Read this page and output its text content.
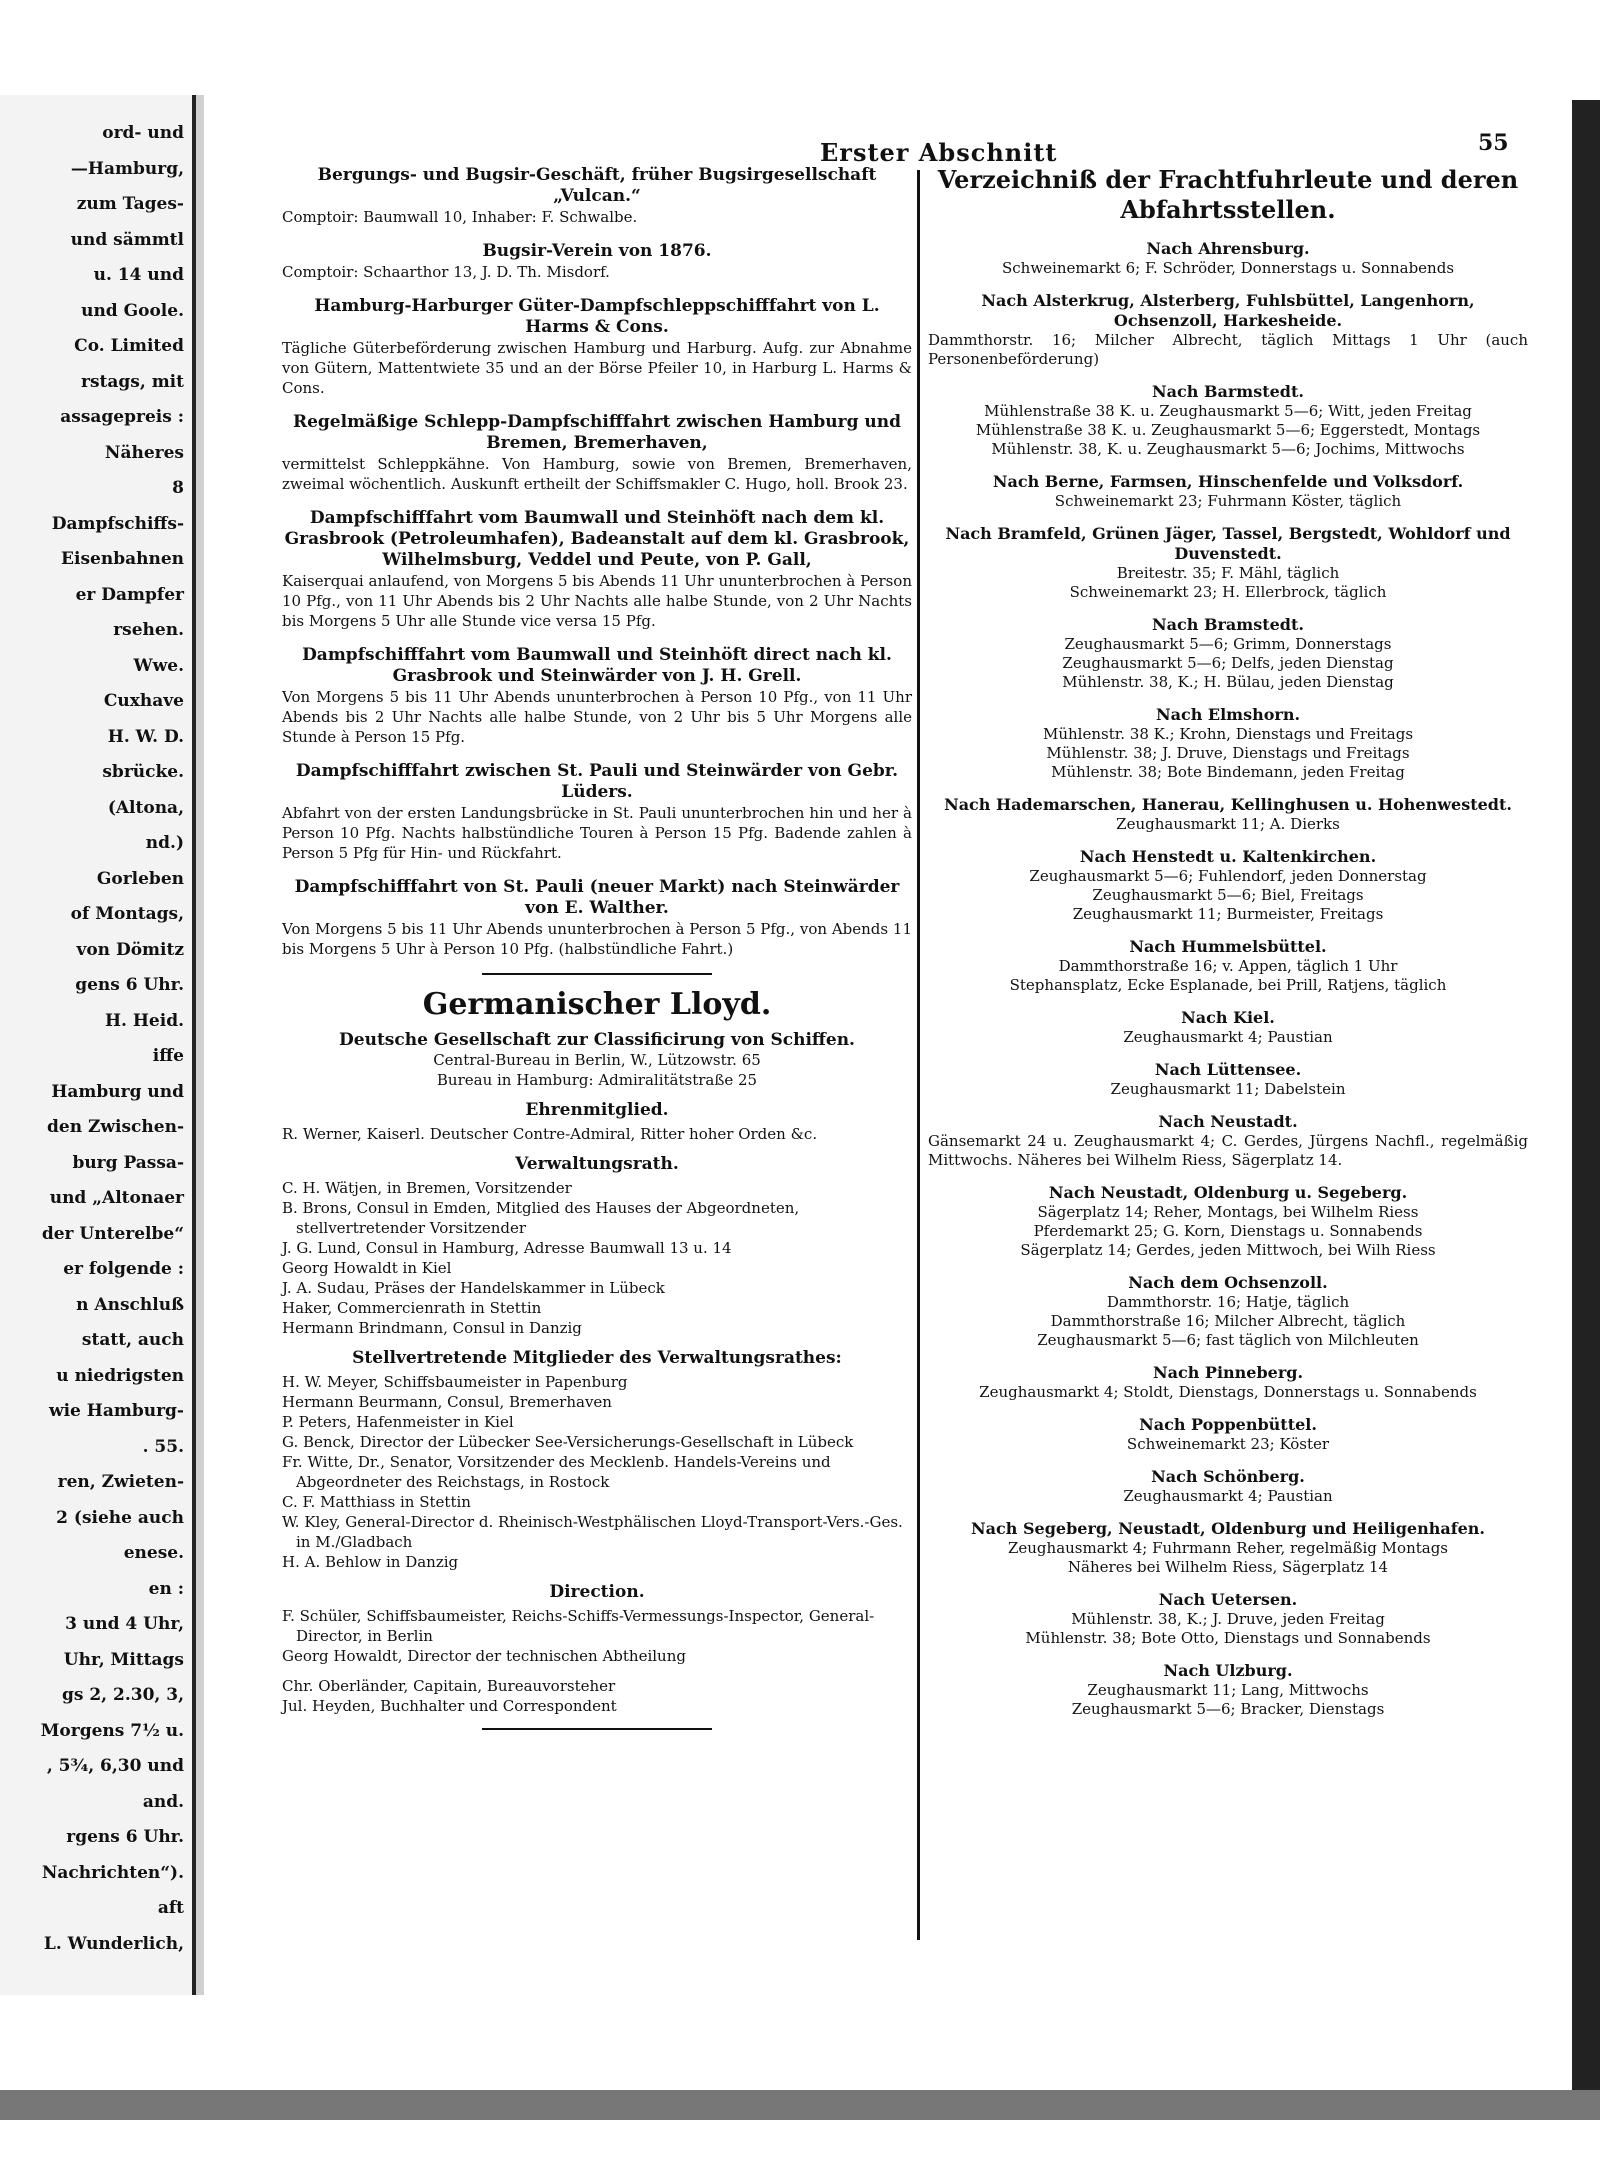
ord- und
—Hamburg,
zum Tages-
und sämmtl
u. 14 und
und Goole.
Co. Limited
rstags, mit
assagepreis :
Näheres
8
Dampfschiffs-
Eisenbahnen
er Dampfer
rsehen.
Wwe.
Cuxhave
H. W. D.
sbrücke.
(Altona,
nd.)
Gorleben
of Montags,
von Dömitz
gens 6 Uhr.
H. Heid.
iffe
Hamburg und
den Zwischen-
burg Passa-
und „Altonaer
der Unterelbe“
er folgende :
n Anschluß
statt, auch
u niedrigsten
wie Hamburg-
. 55.
ren, Zwieten-
2 (siehe auch
enese.
en :
3 und 4 Uhr,
Uhr, Mittags
gs 2, 2.30, 3,
Morgens 7½ u.
, 5¾, 6,30 und
and.
rgens 6 Uhr.
Nachrichten“).
aft
L. Wunderlich,
Erster Abschnitt	55
Bergungs- und Bugsir-Geschäft, früher Bugsirgesellschaft „Vulcan.“

Comptoir: Baumwall 10, Inhaber: F. Schwalbe.

Bugsir-Verein von 1876.

Comptoir: Schaarthor 13, J. D. Th. Misdorf.

Hamburg-Harburger Güter-Dampfschleppschifffahrt von L. Harms & Cons.

Tägliche Güterbeförderung zwischen Hamburg und Harburg. Aufg. zur Abnahme von Gütern, Mattentwiete 35 und an der Börse Pfeiler 10, in Harburg L. Harms & Cons.

Regelmäßige Schlepp-Dampfschifffahrt zwischen Hamburg und Bremen, Bremerhaven,

vermittelst Schleppkähne. Von Hamburg, sowie von Bremen, Bremerhaven, zweimal wöchentlich. Auskunft ertheilt der Schiffsmakler C. Hugo, holl. Brook 23.

Dampfschifffahrt vom Baumwall und Steinhöft nach dem kl. Grasbrook (Petroleumhafen), Badeanstalt auf dem kl. Grasbrook, Wilhelmsburg, Veddel und Peute, von P. Gall,

Kaiserquai anlaufend, von Morgens 5 bis Abends 11 Uhr ununterbrochen à Person 10 Pfg., von 11 Uhr Abends bis 2 Uhr Nachts alle halbe Stunde, von 2 Uhr Nachts bis Morgens 5 Uhr alle Stunde vice versa 15 Pfg.

Dampfschifffahrt vom Baumwall und Steinhöft direct nach kl. Grasbrook und Steinwärder von J. H. Grell.

Von Morgens 5 bis 11 Uhr Abends ununterbrochen à Person 10 Pfg., von 11 Uhr Abends bis 2 Uhr Nachts alle halbe Stunde, von 2 Uhr bis 5 Uhr Morgens alle Stunde à Person 15 Pfg.

Dampfschifffahrt zwischen St. Pauli und Steinwärder von Gebr. Lüders.

Abfahrt von der ersten Landungsbrücke in St. Pauli ununterbrochen hin und her à Person 10 Pfg. Nachts halbstündliche Touren à Person 15 Pfg. Badende zahlen à Person 5 Pfg für Hin- und Rückfahrt.

Dampfschifffahrt von St. Pauli (neuer Markt) nach Steinwärder von E. Walther.

Von Morgens 5 bis 11 Uhr Abends ununterbrochen à Person 5 Pfg., von Abends 11 bis Morgens 5 Uhr à Person 10 Pfg. (halbstündliche Fahrt.)

Germanischer Lloyd.
Deutsche Gesellschaft zur Classificirung von Schiffen.

Central-Bureau in Berlin, W., Lützowstr. 65

Bureau in Hamburg: Admiralitätstraße 25

Ehrenmitglied.

R. Werner, Kaiserl. Deutscher Contre-Admiral, Ritter hoher Orden &c.

Verwaltungsrath.

C. H. Wätjen, in Bremen, Vorsitzender

B. Brons, Consul in Emden, Mitglied des Hauses der Abgeordneten, stellvertretender Vorsitzender

J. G. Lund, Consul in Hamburg, Adresse Baumwall 13 u. 14

Georg Howaldt in Kiel

J. A. Sudau, Präses der Handelskammer in Lübeck

Haker, Commercienrath in Stettin

Hermann Brindmann, Consul in Danzig

Stellvertretende Mitglieder des Verwaltungsrathes:

H. W. Meyer, Schiffsbaumeister in Papenburg

Hermann Beurmann, Consul, Bremerhaven

P. Peters, Hafenmeister in Kiel

G. Benck, Director der Lübecker See-Versicherungs-Gesellschaft in Lübeck

Fr. Witte, Dr., Senator, Vorsitzender des Mecklenb. Handels-Vereins und Abgeordneter des Reichstags, in Rostock

C. F. Matthiass in Stettin

W. Kley, General-Director d. Rheinisch-Westphälischen Lloyd-Transport-Vers.-Ges. in M./Gladbach

H. A. Behlow in Danzig

Direction.

F. Schüler, Schiffsbaumeister, Reichs-Schiffs-Vermessungs-Inspector, General-Director, in Berlin

Georg Howaldt, Director der technischen Abtheilung

Chr. Oberländer, Capitain, Bureauvorsteher

Jul. Heyden, Buchhalter und Correspondent

Verzeichniß der Frachtfuhrleute und deren Abfahrtsstellen.
Nach Ahrensburg.

Schweinemarkt 6; F. Schröder, Donnerstags u. Sonnabends

Nach Alsterkrug, Alsterberg, Fuhlsbüttel, Langenhorn, Ochsenzoll, Harkesheide.

Dammthorstr. 16; Milcher Albrecht, täglich Mittags 1 Uhr (auch Personenbeförderung)

Nach Barmstedt.

Mühlenstraße 38 K. u. Zeughausmarkt 5—6; Witt, jeden Freitag

Mühlenstraße 38 K. u. Zeughausmarkt 5—6; Eggerstedt, Montags

Mühlenstr. 38, K. u. Zeughausmarkt 5—6; Jochims, Mittwochs

Nach Berne, Farmsen, Hinschenfelde und Volksdorf.

Schweinemarkt 23; Fuhrmann Köster, täglich

Nach Bramfeld, Grünen Jäger, Tassel, Bergstedt, Wohldorf und Duvenstedt.

Breitestr. 35; F. Mähl, täglich

Schweinemarkt 23; H. Ellerbrock, täglich

Nach Bramstedt.

Zeughausmarkt 5—6; Grimm, Donnerstags

Zeughausmarkt 5—6; Delfs, jeden Dienstag

Mühlenstr. 38, K.; H. Bülau, jeden Dienstag

Nach Elmshorn.

Mühlenstr. 38 K.; Krohn, Dienstags und Freitags

Mühlenstr. 38; J. Druve, Dienstags und Freitags

Mühlenstr. 38; Bote Bindemann, jeden Freitag

Nach Hademarschen, Hanerau, Kellinghusen u. Hohenwestedt.

Zeughausmarkt 11; A. Dierks

Nach Henstedt u. Kaltenkirchen.

Zeughausmarkt 5—6; Fuhlendorf, jeden Donnerstag

Zeughausmarkt 5—6; Biel, Freitags

Zeughausmarkt 11; Burmeister, Freitags

Nach Hummelsbüttel.

Dammthorstraße 16; v. Appen, täglich 1 Uhr

Stephansplatz, Ecke Esplanade, bei Prill, Ratjens, täglich

Nach Kiel.

Zeughausmarkt 4; Paustian

Nach Lüttensee.

Zeughausmarkt 11; Dabelstein

Nach Neustadt.

Gänsemarkt 24 u. Zeughausmarkt 4; C. Gerdes, Jürgens Nachfl., regelmäßig Mittwochs. Näheres bei Wilhelm Riess, Sägerplatz 14.

Nach Neustadt, Oldenburg u. Segeberg.

Sägerplatz 14; Reher, Montags, bei Wilhelm Riess

Pferdemarkt 25; G. Korn, Dienstags u. Sonnabends

Sägerplatz 14; Gerdes, jeden Mittwoch, bei Wilh Riess

Nach dem Ochsenzoll.

Dammthorstr. 16; Hatje, täglich

Dammthorstraße 16; Milcher Albrecht, täglich

Zeughausmarkt 5—6; fast täglich von Milchleuten

Nach Pinneberg.

Zeughausmarkt 4; Stoldt, Dienstags, Donnerstags u. Sonnabends

Nach Poppenbüttel.

Schweinemarkt 23; Köster

Nach Schönberg.

Zeughausmarkt 4; Paustian

Nach Segeberg, Neustadt, Oldenburg und Heiligenhafen.

Zeughausmarkt 4; Fuhrmann Reher, regelmäßig Montags

Näheres bei Wilhelm Riess, Sägerplatz 14

Nach Uetersen.

Mühlenstr. 38, K.; J. Druve, jeden Freitag

Mühlenstr. 38; Bote Otto, Dienstags und Sonnabends

Nach Ulzburg.

Zeughausmarkt 11; Lang, Mittwochs

Zeughausmarkt 5—6; Bracker, Dienstags
